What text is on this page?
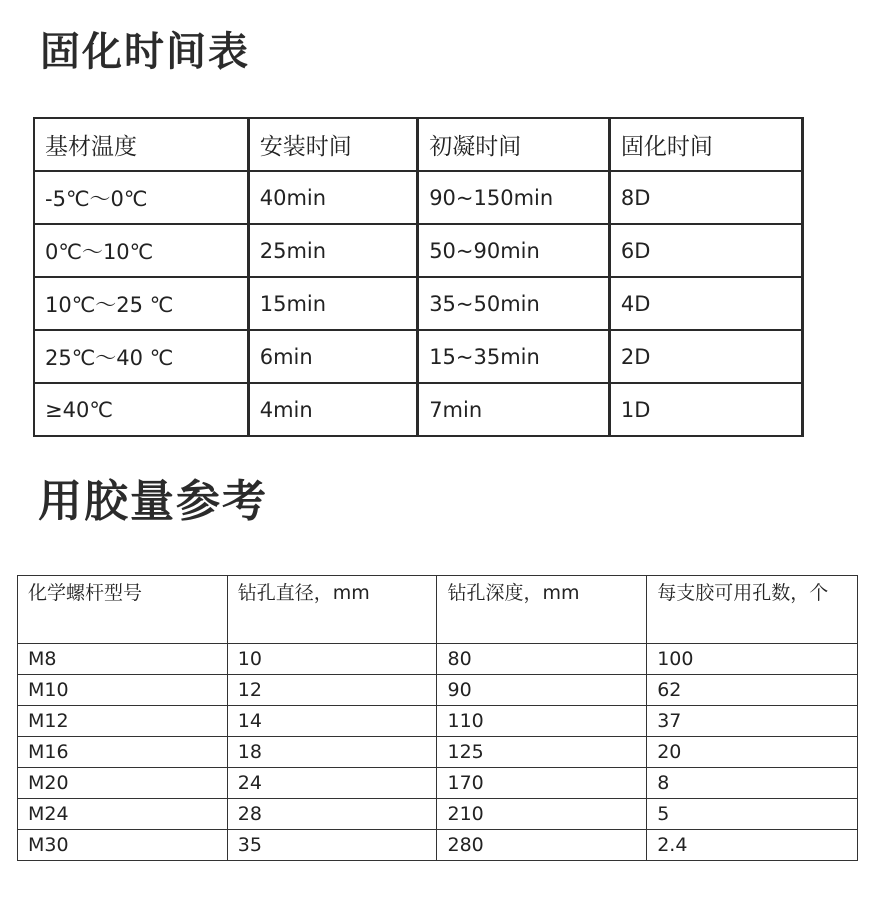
固化时间表
基材温度	安装时间	初凝时间	固化时间
-5℃～0℃	40min	90~150min	8D
0℃～10℃	25min	50~90min	6D
10℃～25 ℃	15min	35~50min	4D
25℃～40 ℃	6min	15~35min	2D
≥40℃	4min	7min	1D
用胶量参考
化学螺杆型号	钻孔直径，mm	钻孔深度，mm	每支胶可用孔数，个
M8	10	80	100
M10	12	90	62
M12	14	110	37
M16	18	125	20
M20	24	170	8
M24	28	210	5
M30	35	280	2.4
